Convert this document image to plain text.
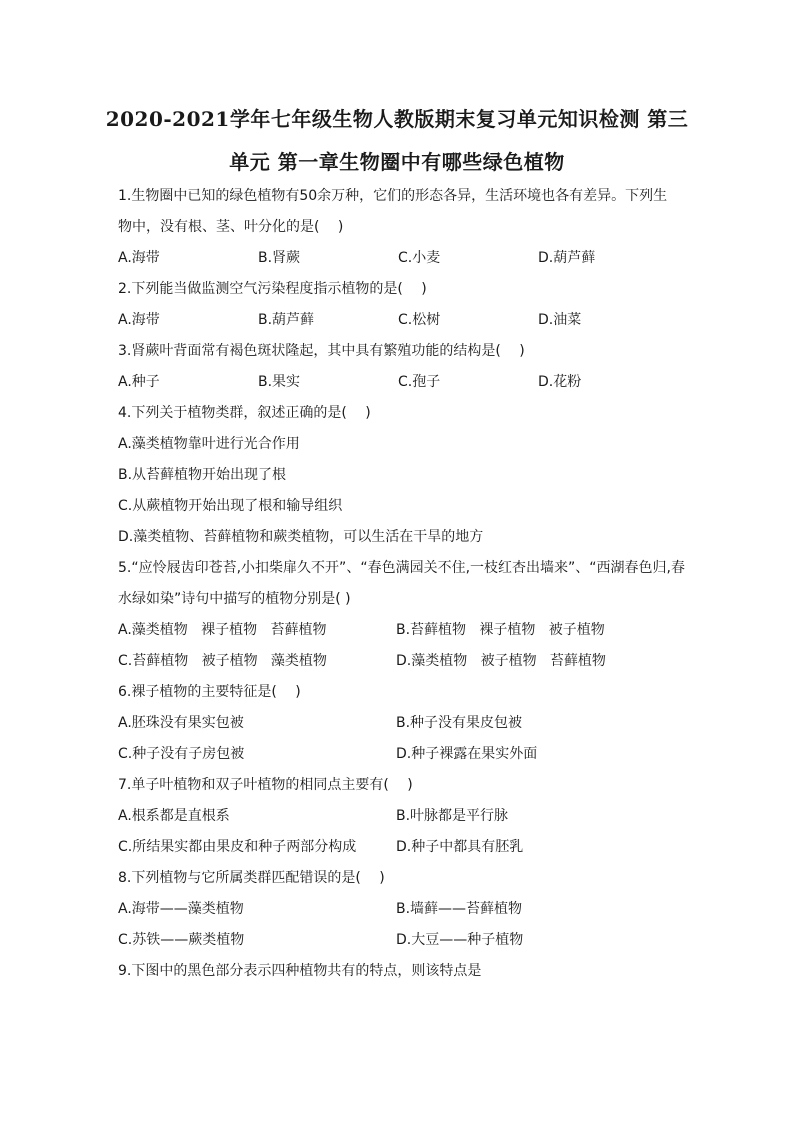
2020-2021学年七年级生物人教版期末复习单元知识检测 第三
单元 第一章生物圈中有哪些绿色植物
1.生物圈中已知的绿色植物有50余万种，它们的形态各异，生活环境也各有差异。下列生
物中，没有根、茎、叶分化的是(　 )
A.海带	B.肾蕨	C.小麦	D.葫芦藓
2.下列能当做监测空气污染程度指示植物的是(　 )
A.海带	B.葫芦藓	C.松树	D.油菜
3.肾蕨叶背面常有褐色斑状隆起，其中具有繁殖功能的结构是(　 )
A.种子	B.果实	C.孢子	D.花粉
4.下列关于植物类群，叙述正确的是(　 )
A.藻类植物靠叶进行光合作用
B.从苔藓植物开始出现了根
C.从蕨植物开始出现了根和输导组织
D.藻类植物、苔藓植物和蕨类植物，可以生活在干旱的地方
5.“应怜屐齿印苍苔,小扣柴扉久不开”、“春色满园关不住,一枝红杏出墙来”、“西湖春色归,春
水绿如染”诗句中描写的植物分别是( )
A.藻类植物   裸子植物   苔藓植物	B.苔藓植物   裸子植物   被子植物
C.苔藓植物   被子植物   藻类植物	D.藻类植物   被子植物   苔藓植物
6.裸子植物的主要特征是(　 )
A.胚珠没有果实包被	B.种子没有果皮包被
C.种子没有子房包被	D.种子裸露在果实外面
7.单子叶植物和双子叶植物的相同点主要有(　 )
A.根系都是直根系	B.叶脉都是平行脉
C.所结果实都由果皮和种子两部分构成	D.种子中都具有胚乳
8.下列植物与它所属类群匹配错误的是(　 )
A.海带——藻类植物	B.墙藓——苔藓植物
C.苏铁——蕨类植物	D.大豆——种子植物
9.下图中的黑色部分表示四种植物共有的特点，则该特点是
